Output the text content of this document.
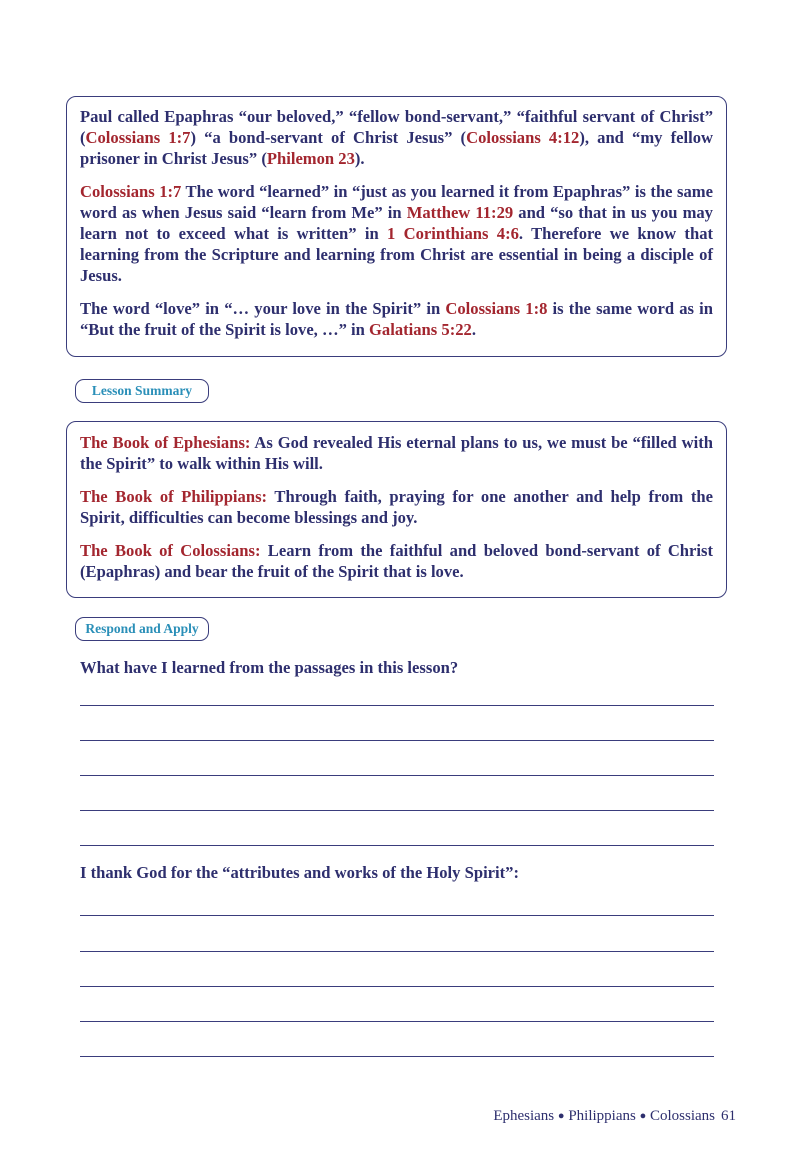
Paul called Epaphras “our beloved,” “fellow bond-servant,” “faithful servant of Christ” (Colossians 1:7) “a bond-servant of Christ Jesus” (Colossians 4:12), and “my fellow prisoner in Christ Jesus” (Philemon 23).

Colossians 1:7 The word “learned” in “just as you learned it from Epaphras” is the same word as when Jesus said “learn from Me” in Matthew 11:29 and “so that in us you may learn not to exceed what is written” in 1 Corinthians 4:6. Therefore we know that learning from the Scripture and learning from Christ are essential in being a disciple of Jesus.

The word “love” in “… your love in the Spirit” in Colossians 1:8 is the same word as in “But the fruit of the Spirit is love, …” in Galatians 5:22.

Lesson Summary

The Book of Ephesians: As God revealed His eternal plans to us, we must be “filled with the Spirit” to walk within His will.

The Book of Philippians: Through faith, praying for one another and help from the Spirit, difficulties can become blessings and joy.

The Book of Colossians: Learn from the faithful and beloved bond-servant of Christ (Epaphras) and bear the fruit of the Spirit that is love.

Respond and Apply
What have I learned from the passages in this lesson?
I thank God for the “attributes and works of the Holy Spirit”:
Ephesians ● Philippians ● Colossians 61
